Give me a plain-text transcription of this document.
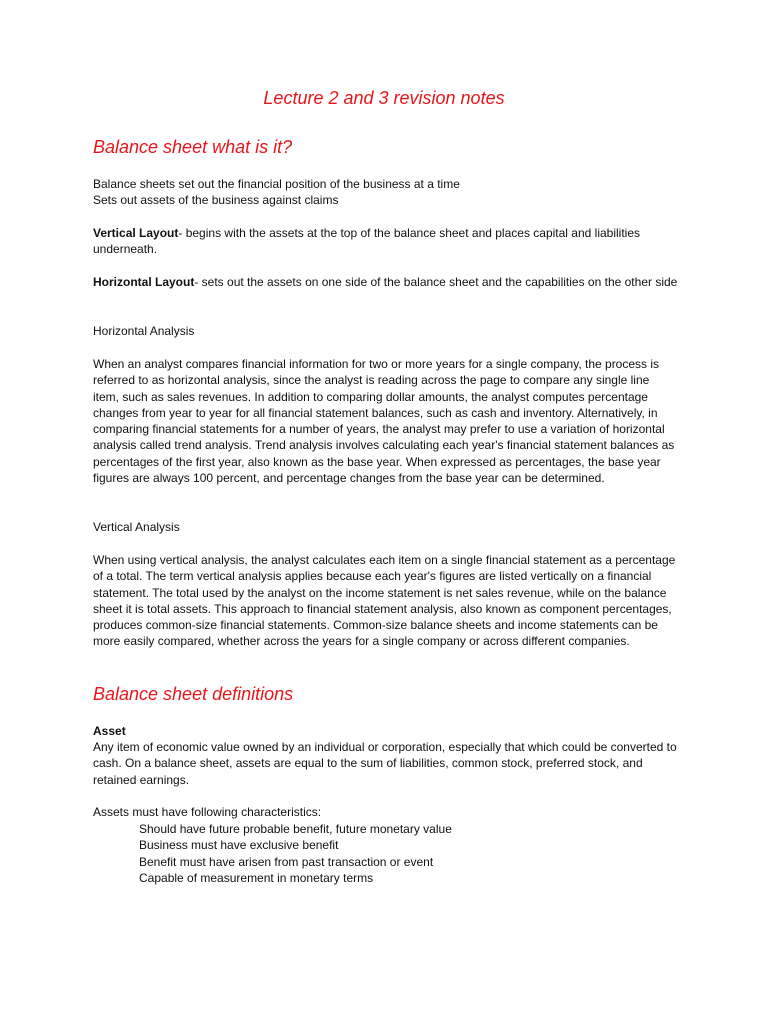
Lecture 2 and 3 revision notes
Balance sheet what is it?

Balance sheets set out the financial position of the business at a time
Sets out assets of the business against claims

Vertical Layout- begins with the assets at the top of the balance sheet and places capital and liabilities underneath.

Horizontal Layout- sets out the assets on one side of the balance sheet and the capabilities on the other side

Horizontal Analysis

When an analyst compares financial information for two or more years for a single company, the process is referred to as horizontal analysis, since the analyst is reading across the page to compare any single line item, such as sales revenues. In addition to comparing dollar amounts, the analyst computes percentage changes from year to year for all financial statement balances, such as cash and inventory. Alternatively, in comparing financial statements for a number of years, the analyst may prefer to use a variation of horizontal analysis called trend analysis. Trend analysis involves calculating each year's financial statement balances as percentages of the first year, also known as the base year. When expressed as percentages, the base year figures are always 100 percent, and percentage changes from the base year can be determined.

Vertical Analysis

When using vertical analysis, the analyst calculates each item on a single financial statement as a percentage of a total. The term vertical analysis applies because each year's figures are listed vertically on a financial statement. The total used by the analyst on the income statement is net sales revenue, while on the balance sheet it is total assets. This approach to financial statement analysis, also known as component percentages, produces common-size financial statements. Common-size balance sheets and income statements can be more easily compared, whether across the years for a single company or across different companies.

Balance sheet definitions

Asset

Any item of economic value owned by an individual or corporation, especially that which could be converted to cash. On a balance sheet, assets are equal to the sum of liabilities, common stock, preferred stock, and retained earnings.

Assets must have following characteristics:

Should have future probable benefit, future monetary value
Business must have exclusive benefit
Benefit must have arisen from past transaction or event
Capable of measurement in monetary terms
